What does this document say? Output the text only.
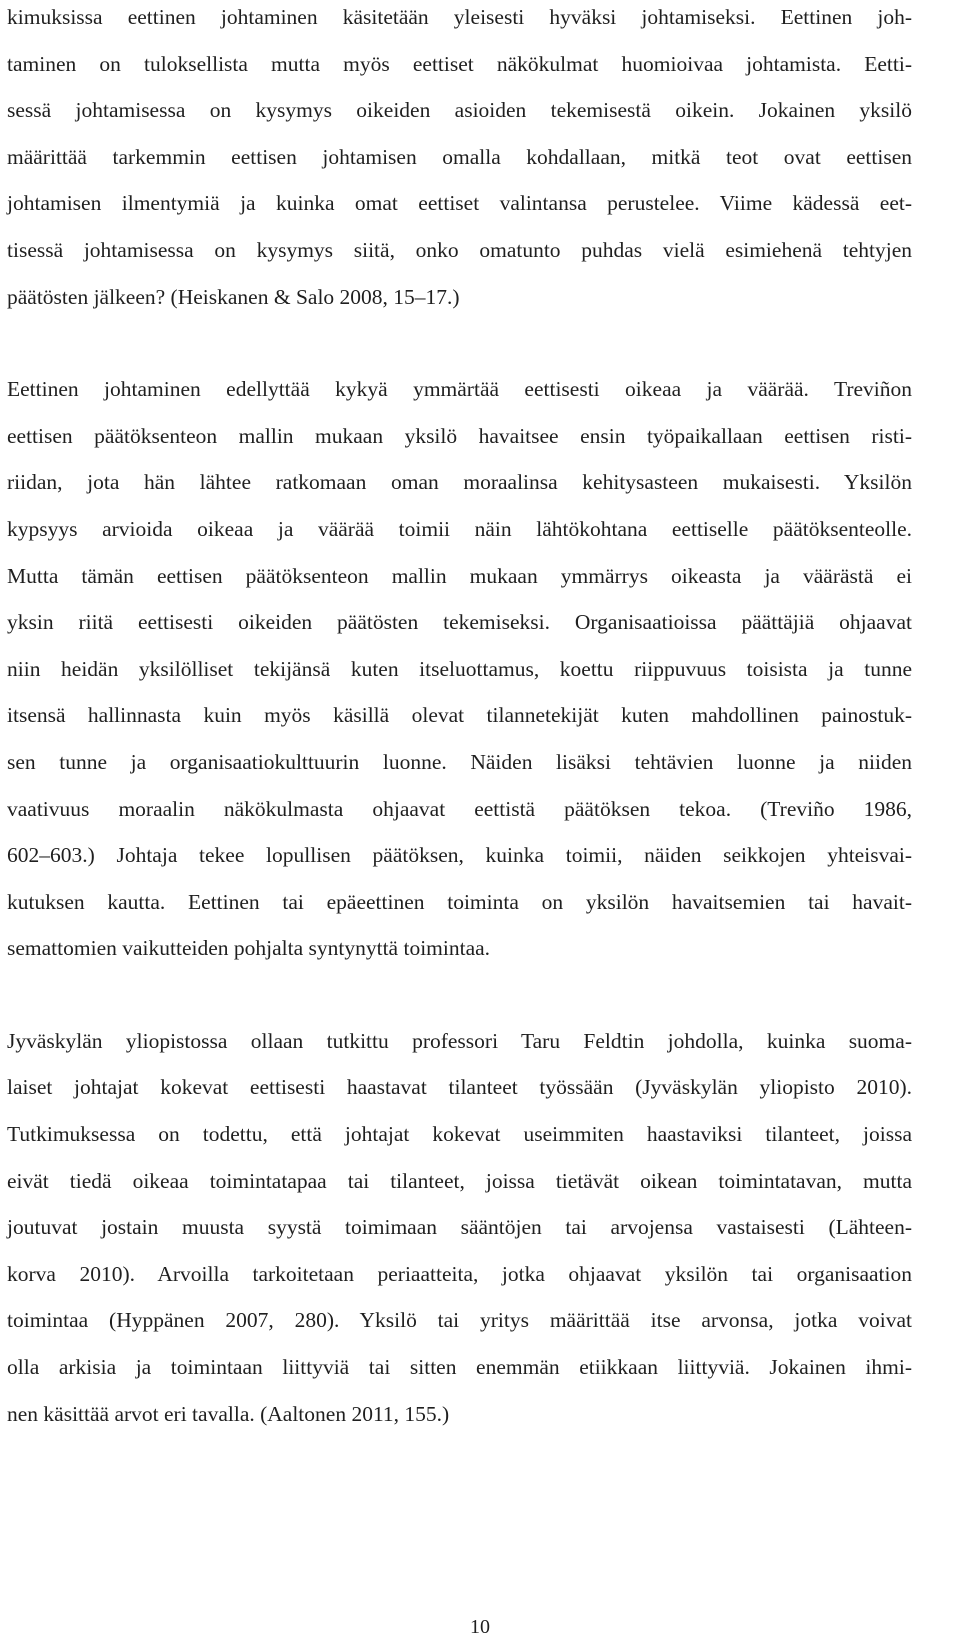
kimuksissa eettinen johtaminen käsitetään yleisesti hyväksi johtamiseksi. Eettinen joh-
taminen on tuloksellista mutta myös eettiset näkökulmat huomioivaa johtamista. Eetti-
sessä johtamisessa on kysymys oikeiden asioiden tekemisestä oikein. Jokainen yksilö
määrittää tarkemmin eettisen johtamisen omalla kohdallaan, mitkä teot ovat eettisen
johtamisen ilmentymiä ja kuinka omat eettiset valintansa perustelee. Viime kädessä eet-
tisessä johtamisessa on kysymys siitä, onko omatunto puhdas vielä esimiehenä tehtyjen
päätösten jälkeen? (Heiskanen & Salo 2008, 15–17.)

Eettinen johtaminen edellyttää kykyä ymmärtää eettisesti oikeaa ja väärää. Treviñon
eettisen päätöksenteon mallin mukaan yksilö havaitsee ensin työpaikallaan eettisen risti-
riidan, jota hän lähtee ratkomaan oman moraalinsa kehitysasteen mukaisesti. Yksilön
kypsyys arvioida oikeaa ja väärää toimii näin lähtökohtana eettiselle päätöksenteolle.
Mutta tämän eettisen päätöksenteon mallin mukaan ymmärrys oikeasta ja väärästä ei
yksin riitä eettisesti oikeiden päätösten tekemiseksi. Organisaatioissa päättäjiä ohjaavat
niin heidän yksilölliset tekijänsä kuten itseluottamus, koettu riippuvuus toisista ja tunne
itsensä hallinnasta kuin myös käsillä olevat tilannetekijät kuten mahdollinen painostuk-
sen tunne ja organisaatiokulttuurin luonne. Näiden lisäksi tehtävien luonne ja niiden
vaativuus moraalin näkökulmasta ohjaavat eettistä päätöksen tekoa. (Treviño 1986,
602–603.) Johtaja tekee lopullisen päätöksen, kuinka toimii, näiden seikkojen yhteisvai-
kutuksen kautta. Eettinen tai epäeettinen toiminta on yksilön havaitsemien tai havait-
semattomien vaikutteiden pohjalta syntynyttä toimintaa.

Jyväskylän yliopistossa ollaan tutkittu professori Taru Feldtin johdolla, kuinka suoma-
laiset johtajat kokevat eettisesti haastavat tilanteet työssään (Jyväskylän yliopisto 2010).
Tutkimuksessa on todettu, että johtajat kokevat useimmiten haastaviksi tilanteet, joissa
eivät tiedä oikeaa toimintatapaa tai tilanteet, joissa tietävät oikean toimintatavan, mutta
joutuvat jostain muusta syystä toimimaan sääntöjen tai arvojensa vastaisesti (Lähteen-
korva 2010). Arvoilla tarkoitetaan periaatteita, jotka ohjaavat yksilön tai organisaation
toimintaa (Hyppänen 2007, 280). Yksilö tai yritys määrittää itse arvonsa, jotka voivat
olla arkisia ja toimintaan liittyviä tai sitten enemmän etiikkaan liittyviä. Jokainen ihmi-
nen käsittää arvot eri tavalla. (Aaltonen 2011, 155.)

10
